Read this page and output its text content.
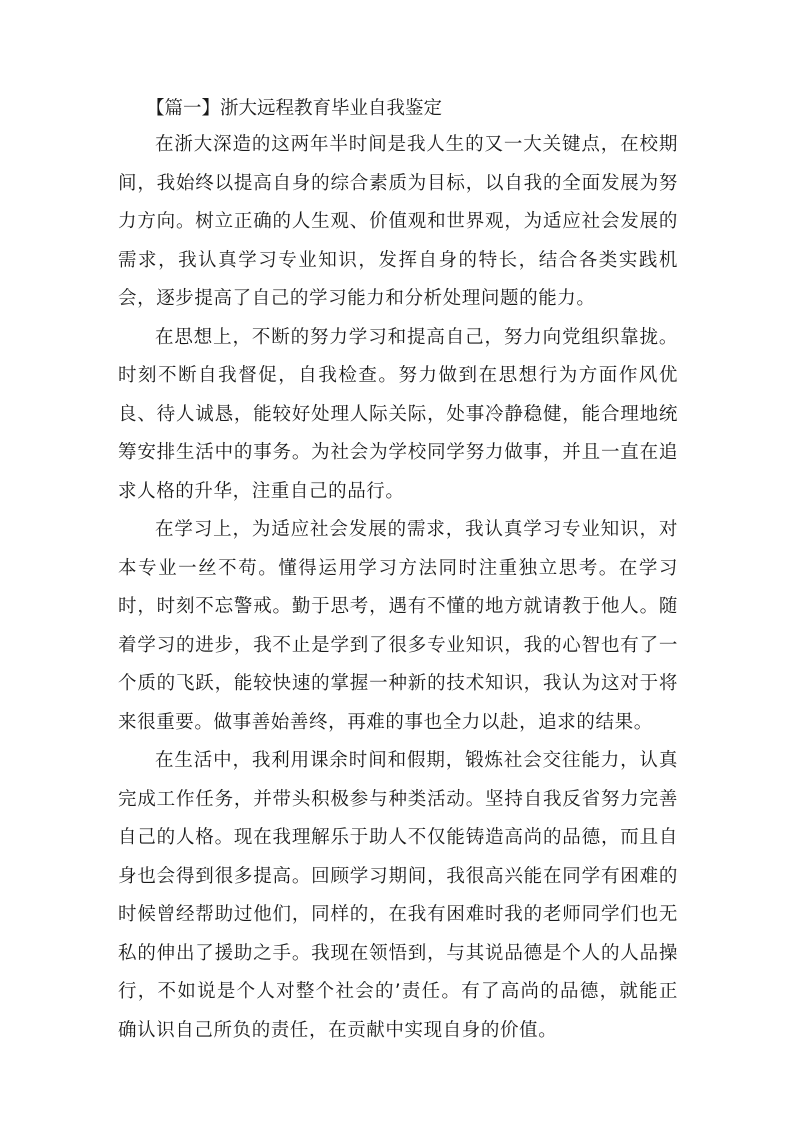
【篇一】浙大远程教育毕业自我鉴定

在浙大深造的这两年半时间是我人生的又一大关键点，在校期间，我始终以提高自身的综合素质为目标，以自我的全面发展为努力方向。树立正确的人生观、价值观和世界观，为适应社会发展的需求，我认真学习专业知识，发挥自身的特长，结合各类实践机会，逐步提高了自己的学习能力和分析处理问题的能力。

在思想上，不断的努力学习和提高自己，努力向党组织靠拢。时刻不断自我督促，自我检查。努力做到在思想行为方面作风优良、待人诚恳，能较好处理人际关际，处事冷静稳健，能合理地统筹安排生活中的事务。为社会为学校同学努力做事，并且一直在追求人格的升华，注重自己的品行。

在学习上，为适应社会发展的需求，我认真学习专业知识，对本专业一丝不苟。懂得运用学习方法同时注重独立思考。在学习时，时刻不忘警戒。勤于思考，遇有不懂的地方就请教于他人。随着学习的进步，我不止是学到了很多专业知识，我的心智也有了一个质的飞跃，能较快速的掌握一种新的技术知识，我认为这对于将来很重要。做事善始善终，再难的事也全力以赴，追求的结果。

在生活中，我利用课余时间和假期，锻炼社会交往能力，认真完成工作任务，并带头积极参与种类活动。坚持自我反省努力完善自己的人格。现在我理解乐于助人不仅能铸造高尚的品德，而且自身也会得到很多提高。回顾学习期间，我很高兴能在同学有困难的时候曾经帮助过他们，同样的，在我有困难时我的老师同学们也无私的伸出了援助之手。我现在领悟到，与其说品德是个人的人品操行，不如说是个人对整个社会的’责任。有了高尚的品德，就能正确认识自己所负的责任，在贡献中实现自身的价值。
